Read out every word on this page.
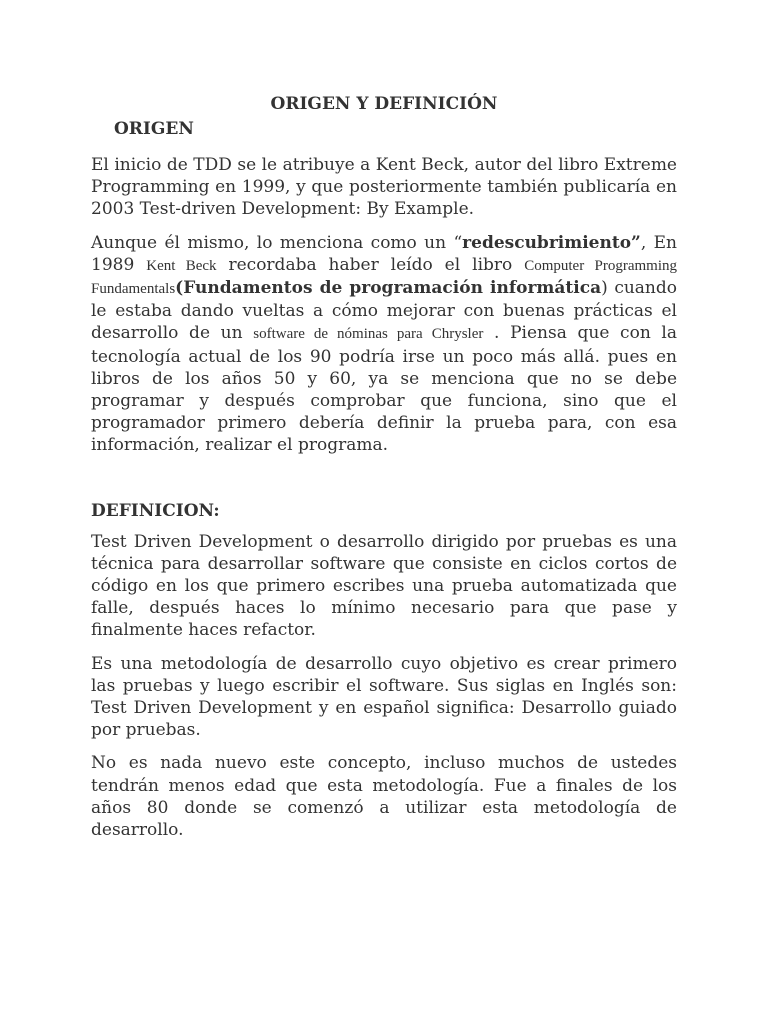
ORIGEN Y DEFINICIÓN
ORIGEN

El inicio de TDD se le atribuye a Kent Beck, autor del libro Extreme Programming en 1999, y que posteriormente también publicaría en 2003 Test-driven Development: By Example.

Aunque él mismo, lo menciona como un “redescubrimiento”, En 1989 Kent Beck recordaba haber leído el libro Computer Programming Fundamentals(Fundamentos de programación informática) cuando le estaba dando vueltas a cómo mejorar con buenas prácticas el desarrollo de un software de nóminas para Chrysler . Piensa que con la tecnología actual de los 90 podría irse un poco más allá. pues en libros de los años 50 y 60, ya se menciona que no se debe programar y después comprobar que funciona, sino que el programador primero debería definir la prueba para, con esa información, realizar el programa.

DEFINICION:

Test Driven Development o desarrollo dirigido por pruebas es una técnica para desarrollar software que consiste en ciclos cortos de código en los que primero escribes una prueba automatizada que falle, después haces lo mínimo necesario para que pase y finalmente haces refactor.

Es una metodología de desarrollo cuyo objetivo es crear primero las pruebas y luego escribir el software. Sus siglas en Inglés son: Test Driven Development y en español significa: Desarrollo guiado por pruebas.

No es nada nuevo este concepto, incluso muchos de ustedes tendrán menos edad que esta metodología. Fue a finales de los años 80 donde se comenzó a utilizar esta metodología de desarrollo.
